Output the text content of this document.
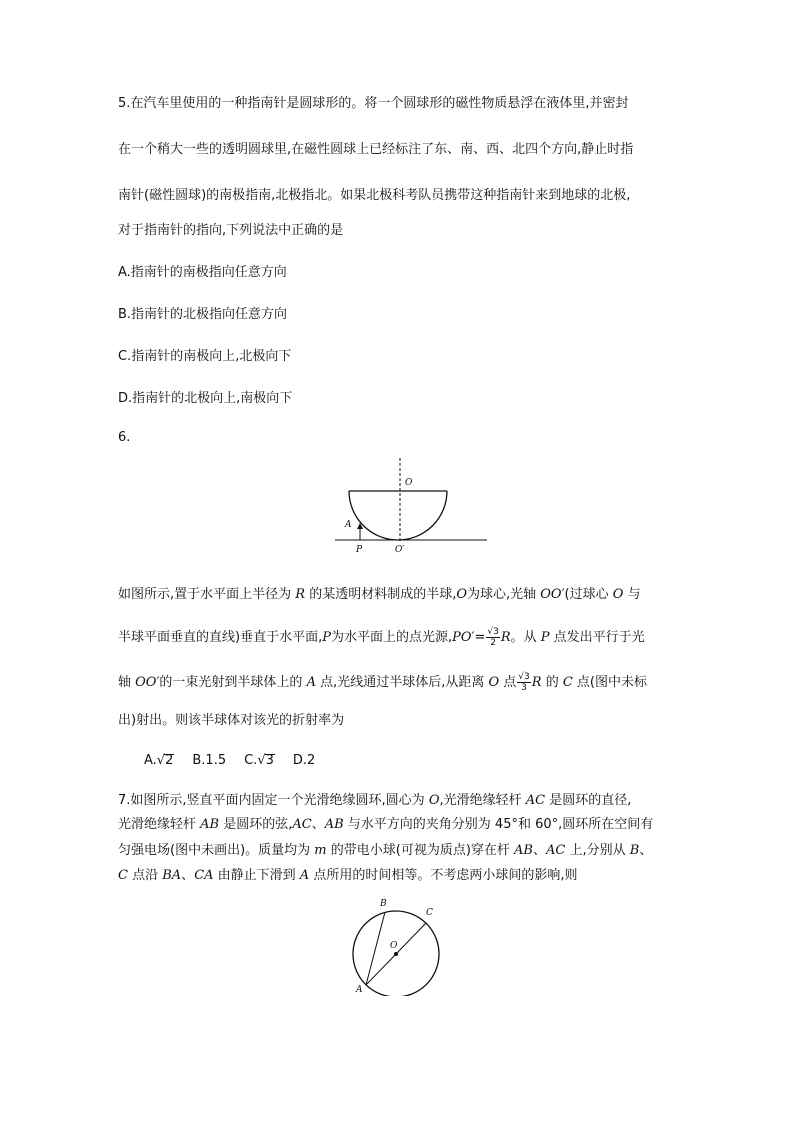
5.在汽车里使用的一种指南针是圆球形的。将一个圆球形的磁性物质悬浮在液体里,并密封
在一个稍大一些的透明圆球里,在磁性圆球上已经标注了东、南、西、北四个方向,静止时指
南针(磁性圆球)的南极指南,北极指北。如果北极科考队员携带这种指南针来到地球的北极,
对于指南针的指向,下列说法中正确的是
A.指南针的南极指向任意方向
B.指南针的北极指向任意方向
C.指南针的南极向上,北极向下
D.指南针的北极向上,南极向下
6.
O
A
P	O′
如图所示,置于水平面上半径为 R 的某透明材料制成的半球,O为球心,光轴 OO′(过球心 O 与
半球平面垂直的直线)垂直于水平面,P为水平面上的点光源$,PO'= \frac{√3}{2}$ R。从 P 点发出平行于光
轴 OO′的一束光射到半球体上的 A 点,光线通过半球体后,从距离 O 点 $\frac{√3}{3}$ R 的 C 点(图中未标
出)射出。则该半球体对该光的折射率为
A.√2 B.1.5 C.√3 D.2
7.如图所示,竖直平面内固定一个光滑绝缘圆环,圆心为 O,光滑绝缘轻杆 AC 是圆环的直径,
光滑绝缘轻杆 AB 是圆环的弦,AC、AB 与水平方向的夹角分别为 45°和 60°,圆环所在空间有
匀强电场(图中未画出)。质量均为 m 的带电小球(可视为质点)穿在杆 AB、AC 上,分别从 B、
C 点沿 BA、CA 由静止下滑到 A 点所用的时间相等。不考虑两小球间的影响,则
B
C
O
A
